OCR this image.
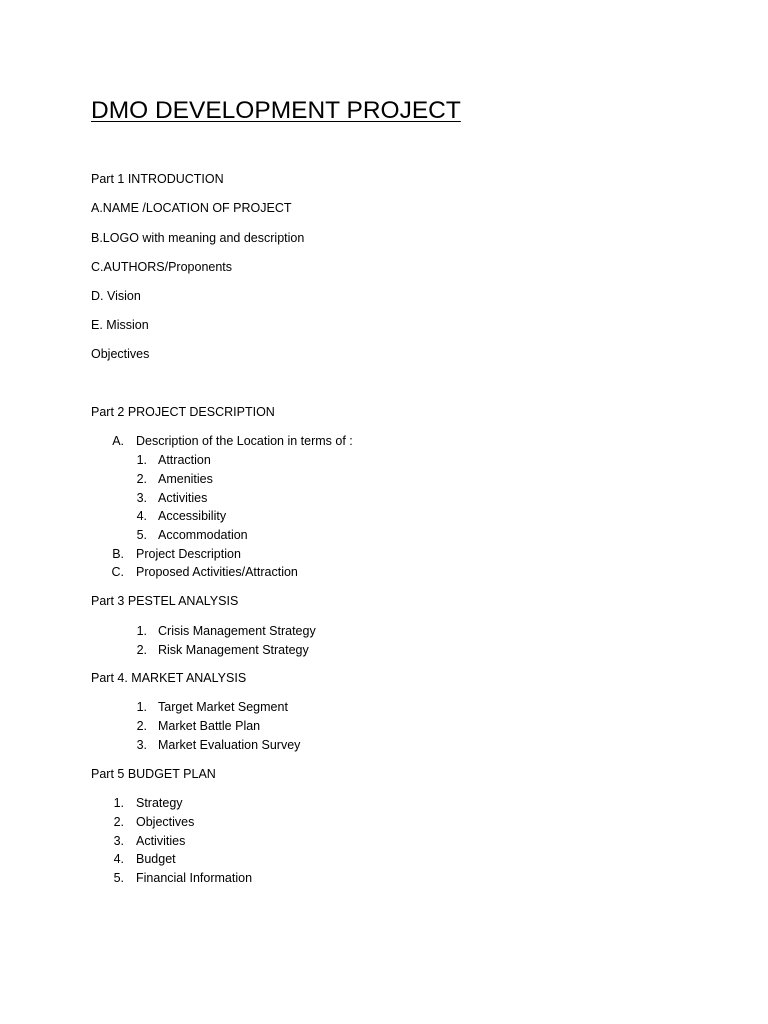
DMO DEVELOPMENT PROJECT
Part 1 INTRODUCTION
A.NAME /LOCATION OF PROJECT
B.LOGO with meaning and description
C.AUTHORS/Proponents
D. Vision
E. Mission
Objectives
Part 2 PROJECT DESCRIPTION
A. Description of the Location in terms of :
1. Attraction
2. Amenities
3. Activities
4. Accessibility
5. Accommodation
B. Project Description
C. Proposed Activities/Attraction
Part 3 PESTEL ANALYSIS
1. Crisis Management Strategy
2. Risk Management Strategy
Part 4. MARKET ANALYSIS
1. Target Market Segment
2. Market Battle Plan
3. Market Evaluation Survey
Part 5 BUDGET PLAN
1. Strategy
2. Objectives
3. Activities
4. Budget
5. Financial Information
